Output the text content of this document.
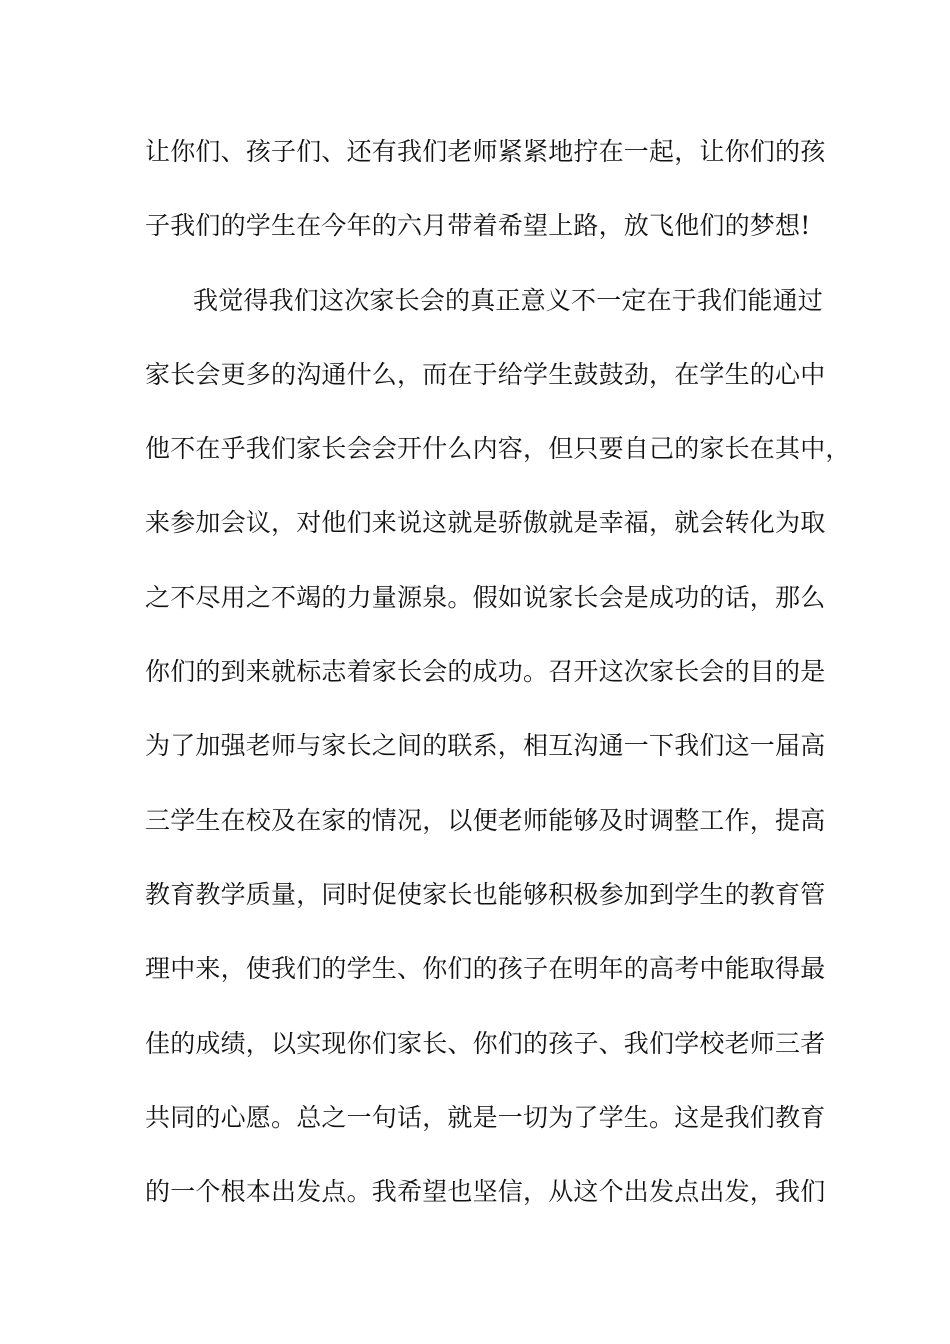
让你们、孩子们、还有我们老师紧紧地拧在一起，让你们的孩
子我们的学生在今年的六月带着希望上路，放飞他们的梦想!
我觉得我们这次家长会的真正意义不一定在于我们能通过
家长会更多的沟通什么，而在于给学生鼓鼓劲，在学生的心中
他不在乎我们家长会会开什么内容，但只要自己的家长在其中，
来参加会议，对他们来说这就是骄傲就是幸福，就会转化为取
之不尽用之不竭的力量源泉。假如说家长会是成功的话，那么
你们的到来就标志着家长会的成功。召开这次家长会的目的是
为了加强老师与家长之间的联系，相互沟通一下我们这一届高
三学生在校及在家的情况，以便老师能够及时调整工作，提高
教育教学质量，同时促使家长也能够积极参加到学生的教育管
理中来，使我们的学生、你们的孩子在明年的高考中能取得最
佳的成绩，以实现你们家长、你们的孩子、我们学校老师三者
共同的心愿。总之一句话，就是一切为了学生。这是我们教育
的一个根本出发点。我希望也坚信，从这个出发点出发，我们
